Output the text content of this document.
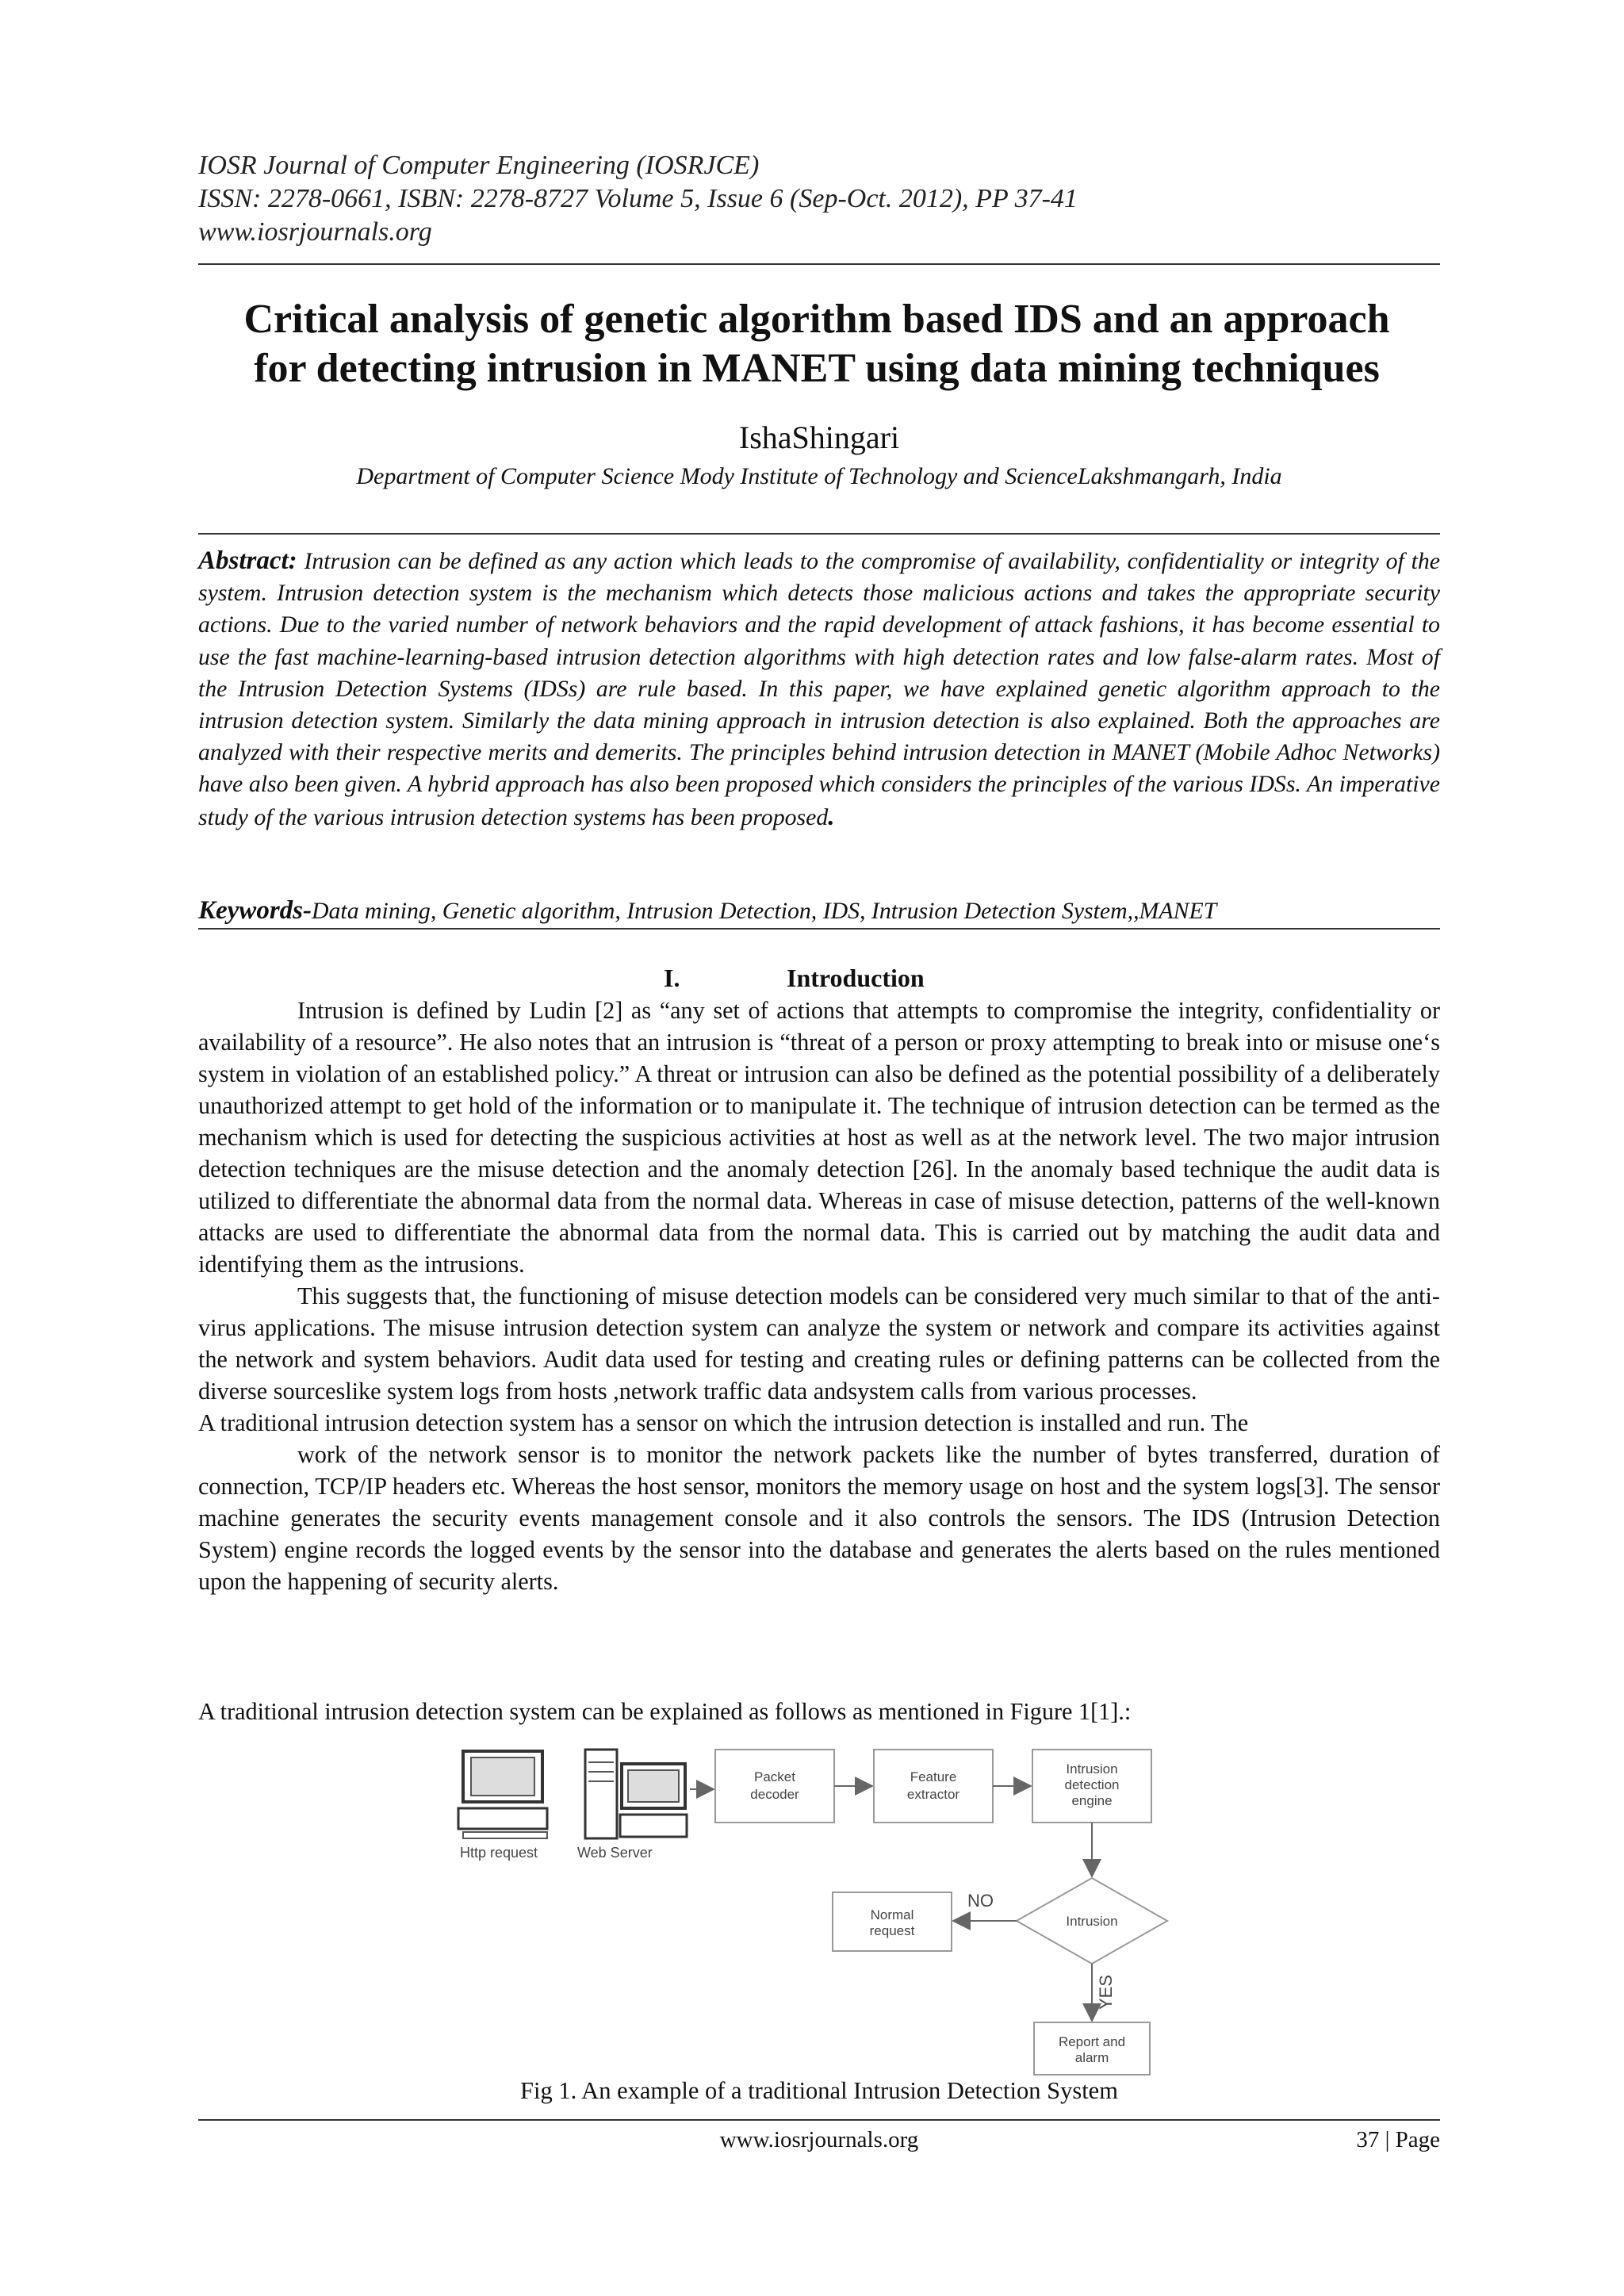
IOSR Journal of Computer Engineering (IOSRJCE)
ISSN: 2278-0661, ISBN: 2278-8727 Volume 5, Issue 6 (Sep-Oct. 2012), PP 37-41
www.iosrjournals.org
Critical analysis of genetic algorithm based IDS and an approach
for detecting intrusion in MANET using data mining techniques
IshaShingari
Department of Computer Science Mody Institute of Technology and ScienceLakshmangarh, India
Abstract: Intrusion can be defined as any action which leads to the compromise of availability, confidentiality or integrity of the system. Intrusion detection system is the mechanism which detects those malicious actions and takes the appropriate security actions. Due to the varied number of network behaviors and the rapid development of attack fashions, it has become essential to use the fast machine-learning-based intrusion detection algorithms with high detection rates and low false-alarm rates. Most of the Intrusion Detection Systems (IDSs) are rule based. In this paper, we have explained genetic algorithm approach to the intrusion detection system. Similarly the data mining approach in intrusion detection is also explained. Both the approaches are analyzed with their respective merits and demerits. The principles behind intrusion detection in MANET (Mobile Adhoc Networks) have also been given. A hybrid approach has also been proposed which considers the principles of the various IDSs. An imperative study of the various intrusion detection systems has been proposed.
Keywords-Data mining, Genetic algorithm, Intrusion Detection, IDS, Intrusion Detection System,,MANET
I.	Introduction

Intrusion is defined by Ludin [2] as “any set of actions that attempts to compromise the integrity, confidentiality or availability of a resource”. He also notes that an intrusion is “threat of a person or proxy attempting to break into or misuse one‘s system in violation of an established policy.” A threat or intrusion can also be defined as the potential possibility of a deliberately unauthorized attempt to get hold of the information or to manipulate it. The technique of intrusion detection can be termed as the mechanism which is used for detecting the suspicious activities at host as well as at the network level. The two major intrusion detection techniques are the misuse detection and the anomaly detection [26]. In the anomaly based technique the audit data is utilized to differentiate the abnormal data from the normal data. Whereas in case of misuse detection, patterns of the well-known attacks are used to differentiate the abnormal data from the normal data. This is carried out by matching the audit data and identifying them as the intrusions.

This suggests that, the functioning of misuse detection models can be considered very much similar to that of the anti-virus applications. The misuse intrusion detection system can analyze the system or network and compare its activities against the network and system behaviors. Audit data used for testing and creating rules or defining patterns can be collected from the diverse sourceslike system logs from hosts ,network traffic data andsystem calls from various processes.

A traditional intrusion detection system has a sensor on which the intrusion detection is installed and run. The

work of the network sensor is to monitor the network packets like the number of bytes transferred, duration of connection, TCP/IP headers etc. Whereas the host sensor, monitors the memory usage on host and the system logs[3]. The sensor machine generates the security events management console and it also controls the sensors. The IDS (Intrusion Detection System) engine records the logged events by the sensor into the database and generates the alerts based on the rules mentioned upon the happening of security alerts.

A traditional intrusion detection system can be explained as follows as mentioned in Figure 1[1].:
Http request	Web Server
Packet
decoder
Feature
extractor
Intrusion
detection
engine
Intrusion
NO
Normal
request
YES
Report and
alarm
Fig 1. An example of a traditional Intrusion Detection System
www.iosrjournals.org	37 | Page
